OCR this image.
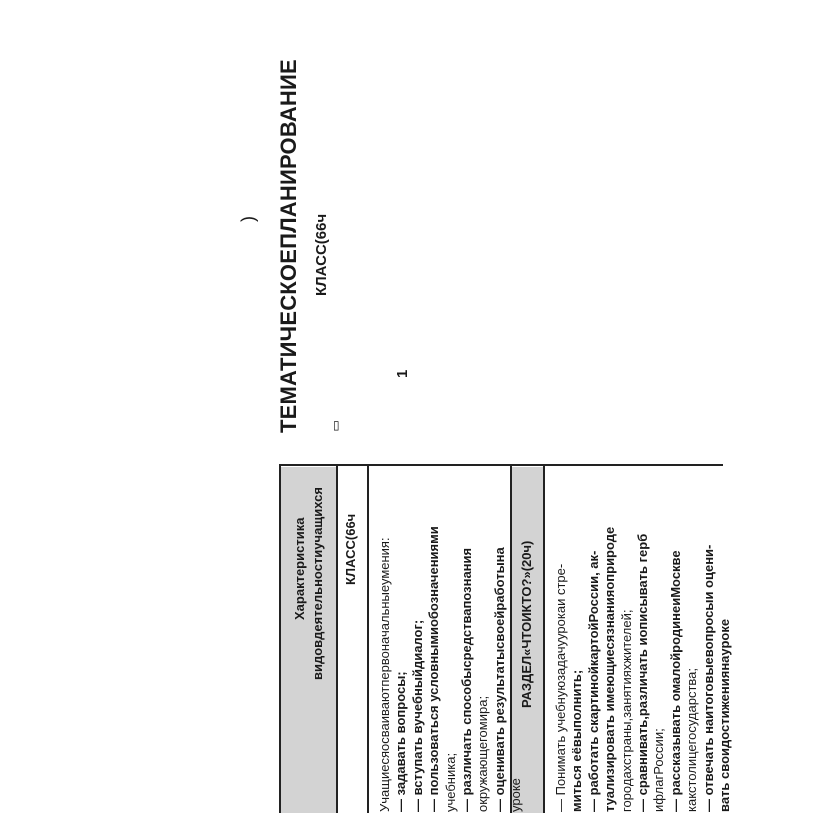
ТЕМАТИЧЕСКОЕПЛАНИРОВАНИЕ
)	КЛАСС(66ч
1
▯
Характеристика видовдеятельностиучащихся КЛАСС(66ч Учащиесяосваиваютпервоначальныеумения: — задавать вопросы; — вступать вучебныйдиалог; — пользоваться условнымиобозначениями учебника; — различать способысредствапознания окружающегомира; — оценивать результатысвоейработына уроке
РАЗДЕЛ«ЧТОИКТО?»(20ч) — Понимать учебнуюзадачуурокаи стре- миться еёвыполнить; — работать скартинойкартойРоссии, ак- туализировать имеющиесязнанияоприроде городахстраны,занятияхжителей; — сравнивать,различать иописывать герб ифлагРоссии; — рассказывать омалойродинеиМоскве какстолицегосударства; — отвечать наитоговыевопросыи оцени- вать своидостижениянауроке
